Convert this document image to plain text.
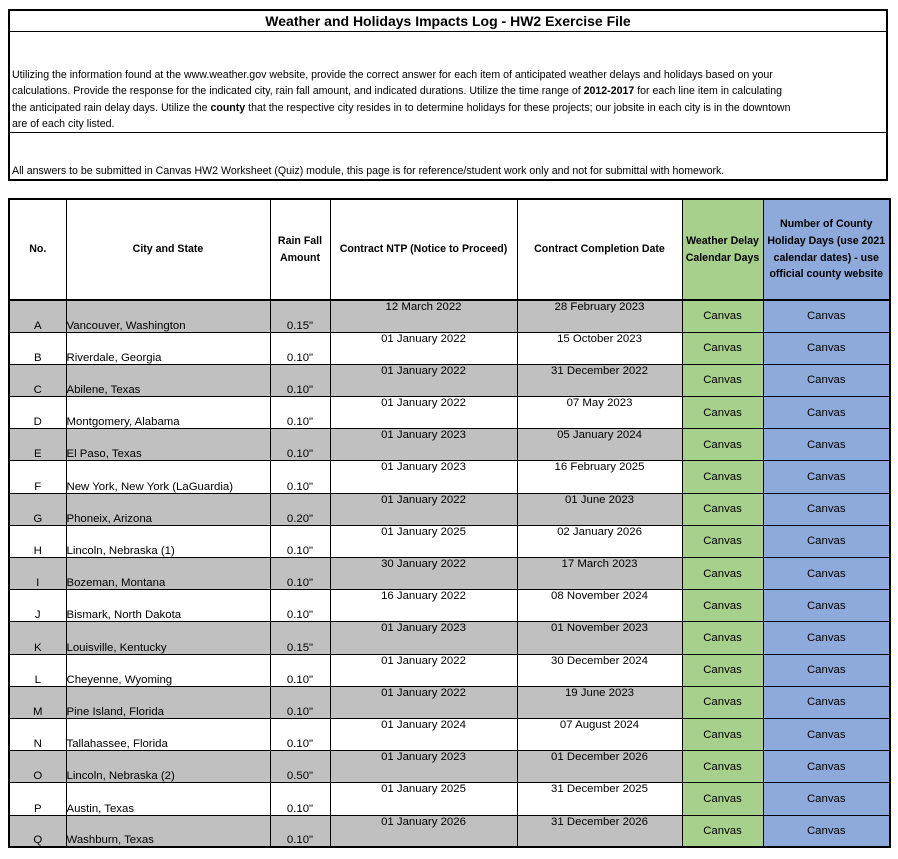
Weather and Holidays Impacts Log - HW2 Exercise File
Utilizing the information found at the www.weather.gov website, provide the correct answer for each item of anticipated weather delays and holidays based on your
calculations. Provide the response for the indicated city, rain fall amount, and indicated durations. Utilize the time range of 2012-2017 for each line item in calculating
the anticipated rain delay days. Utilize the county that the respective city resides in to determine holidays for these projects; our jobsite in each city is in the downtown
are of each city listed.
All answers to be submitted in Canvas HW2 Worksheet (Quiz) module, this page is for reference/student work only and not for submittal with homework.
No.	City and State	Rain Fall Amount	Contract NTP (Notice to Proceed)	Contract Completion Date	Weather Delay Calendar Days	Number of County Holiday Days (use 2021 calendar dates) - use official county website
A	Vancouver, Washington	0.15"	12 March 2022	28 February 2023	Canvas	Canvas
B	Riverdale, Georgia	0.10"	01 January 2022	15 October 2023	Canvas	Canvas
C	Abilene, Texas	0.10"	01 January 2022	31 December 2022	Canvas	Canvas
D	Montgomery, Alabama	0.10"	01 January 2022	07 May 2023	Canvas	Canvas
E	El Paso, Texas	0.10"	01 January 2023	05 January 2024	Canvas	Canvas
F	New York, New York (LaGuardia)	0.10"	01 January 2023	16 February 2025	Canvas	Canvas
G	Phoneix, Arizona	0.20"	01 January 2022	01 June 2023	Canvas	Canvas
H	Lincoln, Nebraska (1)	0.10"	01 January 2025	02 January 2026	Canvas	Canvas
I	Bozeman, Montana	0.10"	30 January 2022	17 March 2023	Canvas	Canvas
J	Bismark, North Dakota	0.10"	16 January 2022	08 November 2024	Canvas	Canvas
K	Louisville, Kentucky	0.15"	01 January 2023	01 November 2023	Canvas	Canvas
L	Cheyenne, Wyoming	0.10"	01 January 2022	30 December 2024	Canvas	Canvas
M	Pine Island, Florida	0.10"	01 January 2022	19 June 2023	Canvas	Canvas
N	Tallahassee, Florida	0.10"	01 January 2024	07 August 2024	Canvas	Canvas
O	Lincoln, Nebraska (2)	0.50"	01 January 2023	01 December 2026	Canvas	Canvas
P	Austin, Texas	0.10"	01 January 2025	31 December 2025	Canvas	Canvas
Q	Washburn, Texas	0.10"	01 January 2026	31 December 2026	Canvas	Canvas
